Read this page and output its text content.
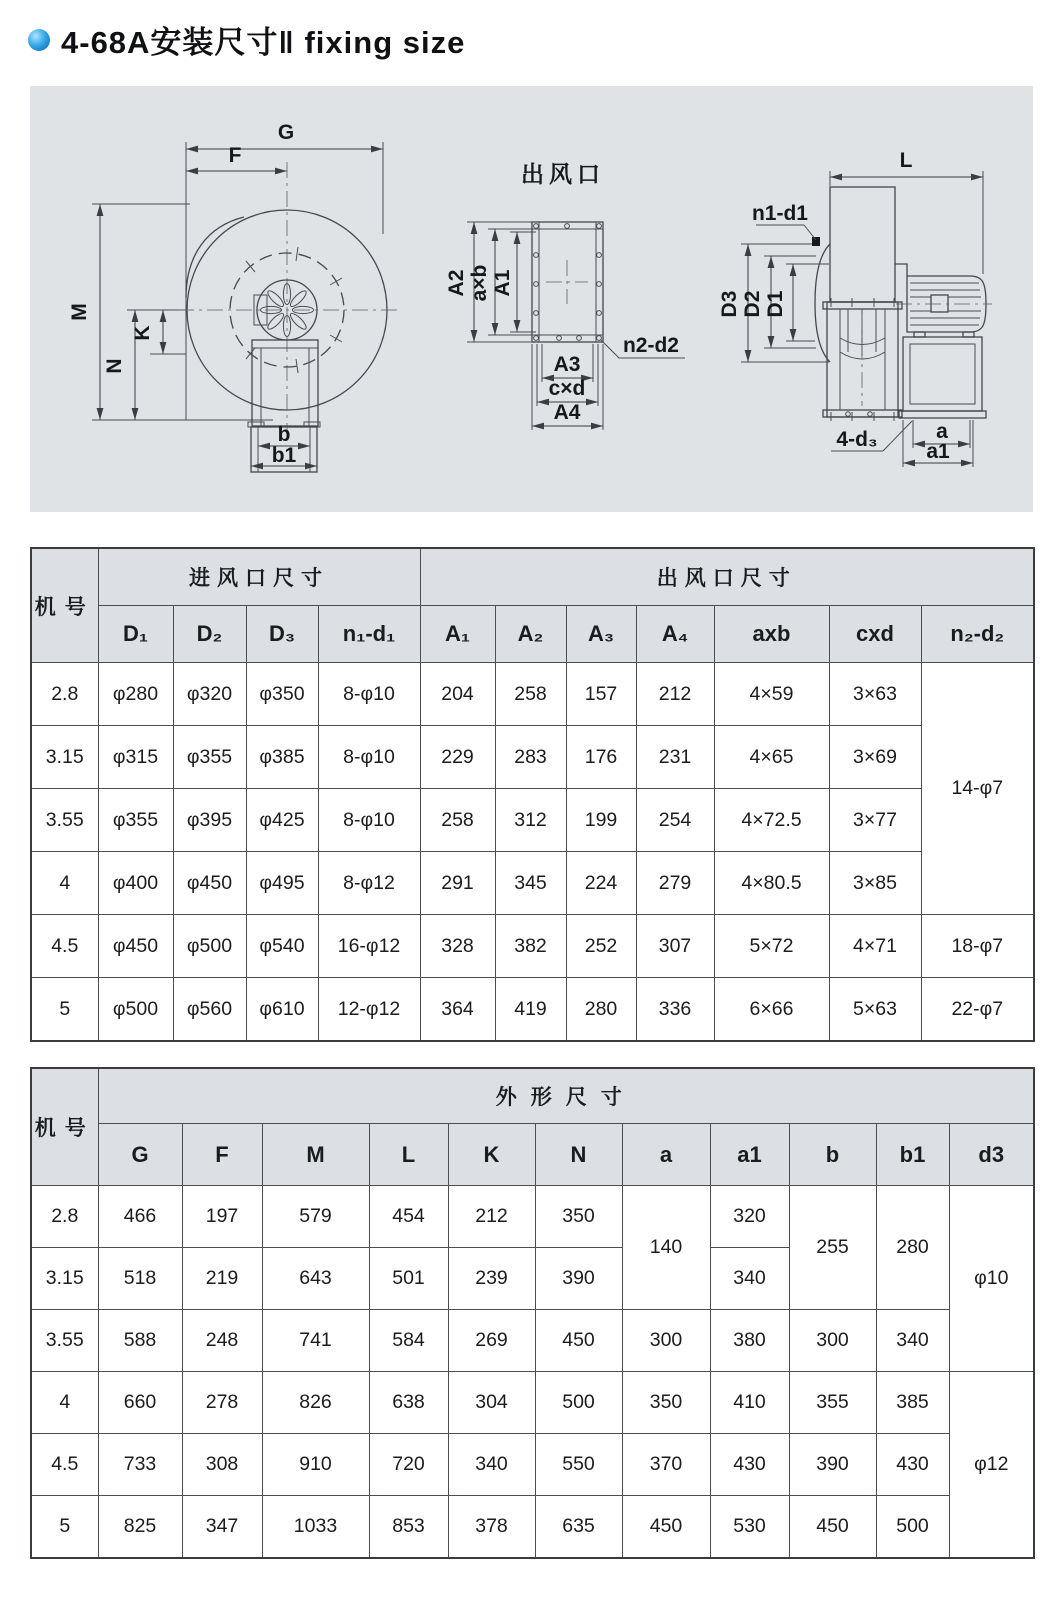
4-68A安装尺寸‖ fixing size
G
F
M
N
K
b
b1
出风口
A2 a×b A1
A3
c×d
A4
n2-d2
L
n1-d1
D3 D2 D1
4-d₃	a
a1
机号	进风口尺寸				出风口尺寸						
	D₁	D₂	D₃	n₁-d₁	A₁	A₂	A₃	A₄	axb	cxd	n₂-d₂
2.8	φ280	φ320	φ350	8-φ10	204	258	157	212	4×59	3×63	14-φ7
3.15	φ315	φ355	φ385	8-φ10	229	283	176	231	4×65	3×69	
3.55	φ355	φ395	φ425	8-φ10	258	312	199	254	4×72.5	3×77	
4	φ400	φ450	φ495	8-φ12	291	345	224	279	4×80.5	3×85	
4.5	φ450	φ500	φ540	16-φ12	328	382	252	307	5×72	4×71	18-φ7
5	φ500	φ560	φ610	12-φ12	364	419	280	336	6×66	5×63	22-φ7
机号	外形尺寸										
	G	F	M	L	K	N	a	a1	b	b1	d3
2.8	466	197	579	454	212	350	140	320	255	280	φ10
3.15	518	219	643	501	239	390		340			
3.55	588	248	741	584	269	450	300	380	300	340	
4	660	278	826	638	304	500	350	410	355	385	φ12
4.5	733	308	910	720	340	550	370	430	390	430	
5	825	347	1033	853	378	635	450	530	450	500	
